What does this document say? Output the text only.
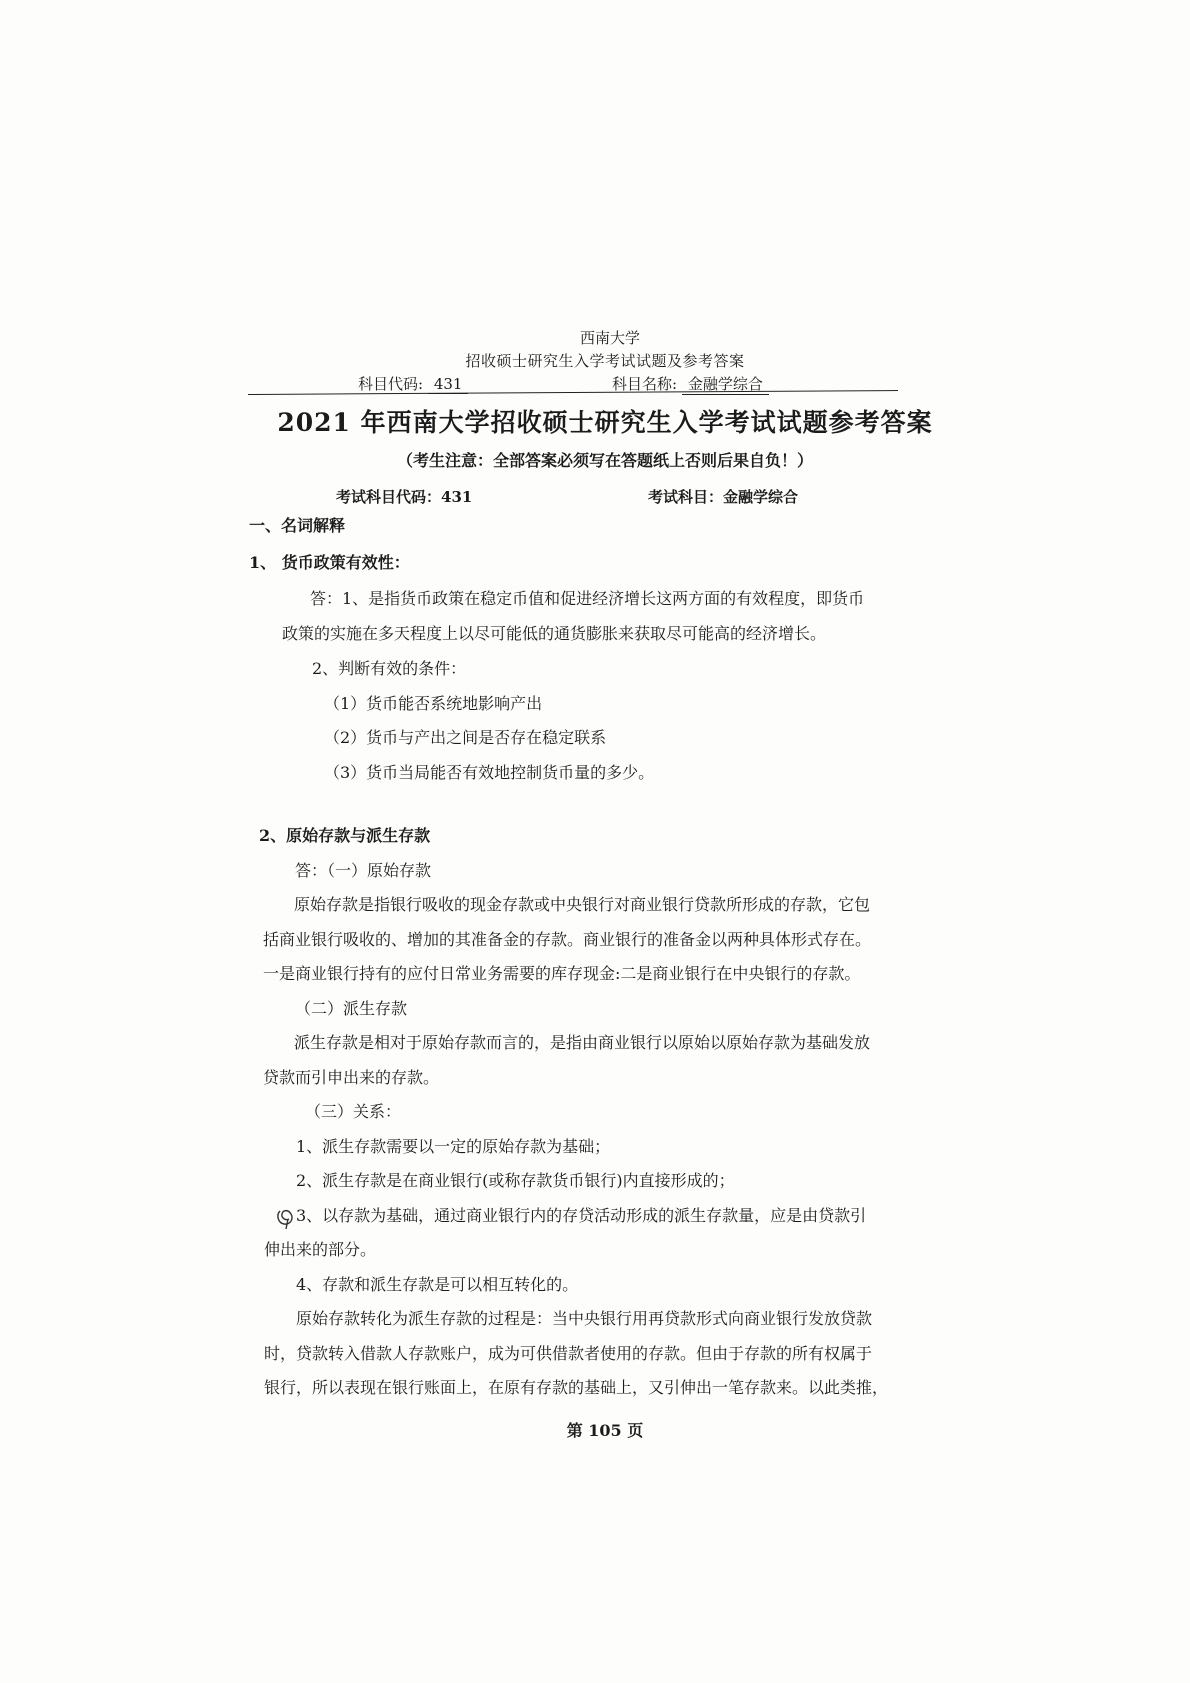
西南大学
招收硕士研究生入学考试试题及参考答案
科目代码: 431	科目名称: 金融学综合
2021 年西南大学招收硕士研究生入学考试试题参考答案
（考生注意：全部答案必须写在答题纸上否则后果自负！）
考试科目代码：431	考试科目：金融学综合
一、名词解释
1、 货币政策有效性：
答：1、是指货币政策在稳定币值和促进经济增长这两方面的有效程度，即货币
政策的实施在多天程度上以尽可能低的通货膨胀来获取尽可能高的经济增长。
2、判断有效的条件：
（1）货币能否系统地影响产出
（2）货币与产出之间是否存在稳定联系
（3）货币当局能否有效地控制货币量的多少。
2、原始存款与派生存款
答：（一）原始存款
原始存款是指银行吸收的现金存款或中央银行对商业银行贷款所形成的存款，它包
括商业银行吸收的、增加的其准备金的存款。商业银行的准备金以两种具体形式存在。
一是商业银行持有的应付日常业务需要的库存现金:二是商业银行在中央银行的存款。
（二）派生存款
派生存款是相对于原始存款而言的，是指由商业银行以原始以原始存款为基础发放
贷款而引申出来的存款。
（三）关系：
1、派生存款需要以一定的原始存款为基础；
2、派生存款是在商业银行(或称存款货币银行)内直接形成的；
3、以存款为基础，通过商业银行内的存贷活动形成的派生存款量，应是由贷款引
伸出来的部分。
4、存款和派生存款是可以相互转化的。
原始存款转化为派生存款的过程是：当中央银行用再贷款形式向商业银行发放贷款
时，贷款转入借款人存款账户，成为可供借款者使用的存款。但由于存款的所有权属于
银行，所以表现在银行账面上，在原有存款的基础上，又引伸出一笔存款来。以此类推，
第 105 页
